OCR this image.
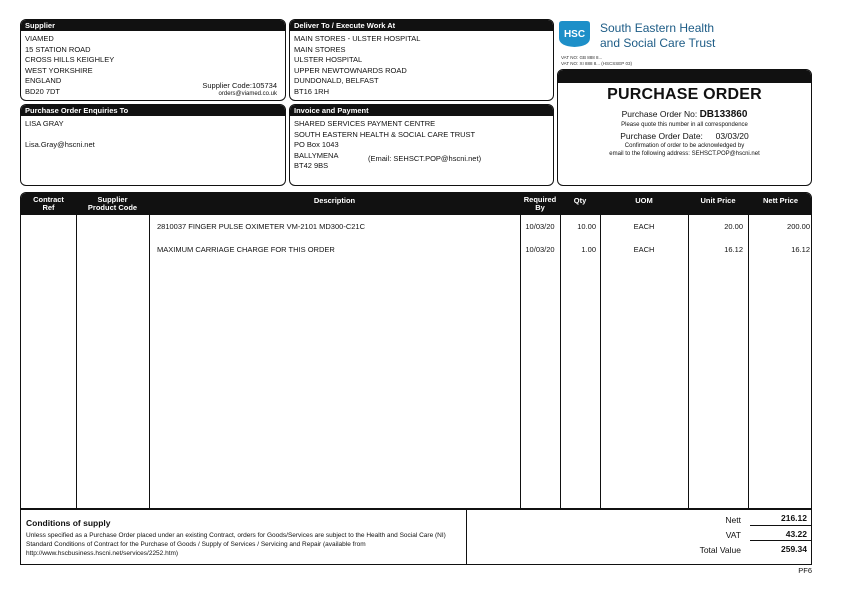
Supplier
VIAMED
15 STATION ROAD
CROSS HILLS KEIGHLEY
WEST YORKSHIRE
ENGLAND
BD20 7DT
Supplier Code:105734
orders@viamed.co.uk
Deliver To / Execute Work At
MAIN STORES - ULSTER HOSPITAL
MAIN STORES
ULSTER HOSPITAL
UPPER NEWTOWNARDS ROAD
DUNDONALD, BELFAST
BT16 1RH
Purchase Order Enquiries To
LISA GRAY
Lisa.Gray@hscni.net
Invoice and Payment
SHARED SERVICES PAYMENT CENTRE
SOUTH EASTERN HEALTH & SOCIAL CARE TRUST
PO Box 1043
BALLYMENA
BT42 9BS
(Email: SEHSCT.POP@hscni.net)
HSC South Eastern Health
and Social Care Trust
VAT NO: GB 888 8...
VAT NO: XI 888 8... (HSCSSEP 03)
PURCHASE ORDER
Purchase Order No: DB133860
Please quote this number in all correspondence
Purchase Order Date: 03/03/20
Confirmation of order to be acknowledged by
email to the following address: SEHSCT.POP@hscni.net
Contract
Ref
Supplier
Product Code
Description	Required
By
Qty	UOM	Unit Price	Nett Price
2810037 FINGER PULSE OXIMETER VM-2101 MD300-C21C	10/03/20	10.00	EACH	20.00	200.00
MAXIMUM CARRIAGE CHARGE FOR THIS ORDER	10/03/20	1.00	EACH	16.12	16.12
Conditions of supply
Unless specified as a Purchase Order placed under an existing Contract, orders for Goods/Services are subject to the Health and Social Care (NI) Standard Conditions of Contract for the Purchase of Goods / Supply of Services / Servicing and Repair (available from http://www.hscbusiness.hscni.net/services/2252.htm)
Nett	216.12
VAT	43.22
Total Value	259.34
PF6
